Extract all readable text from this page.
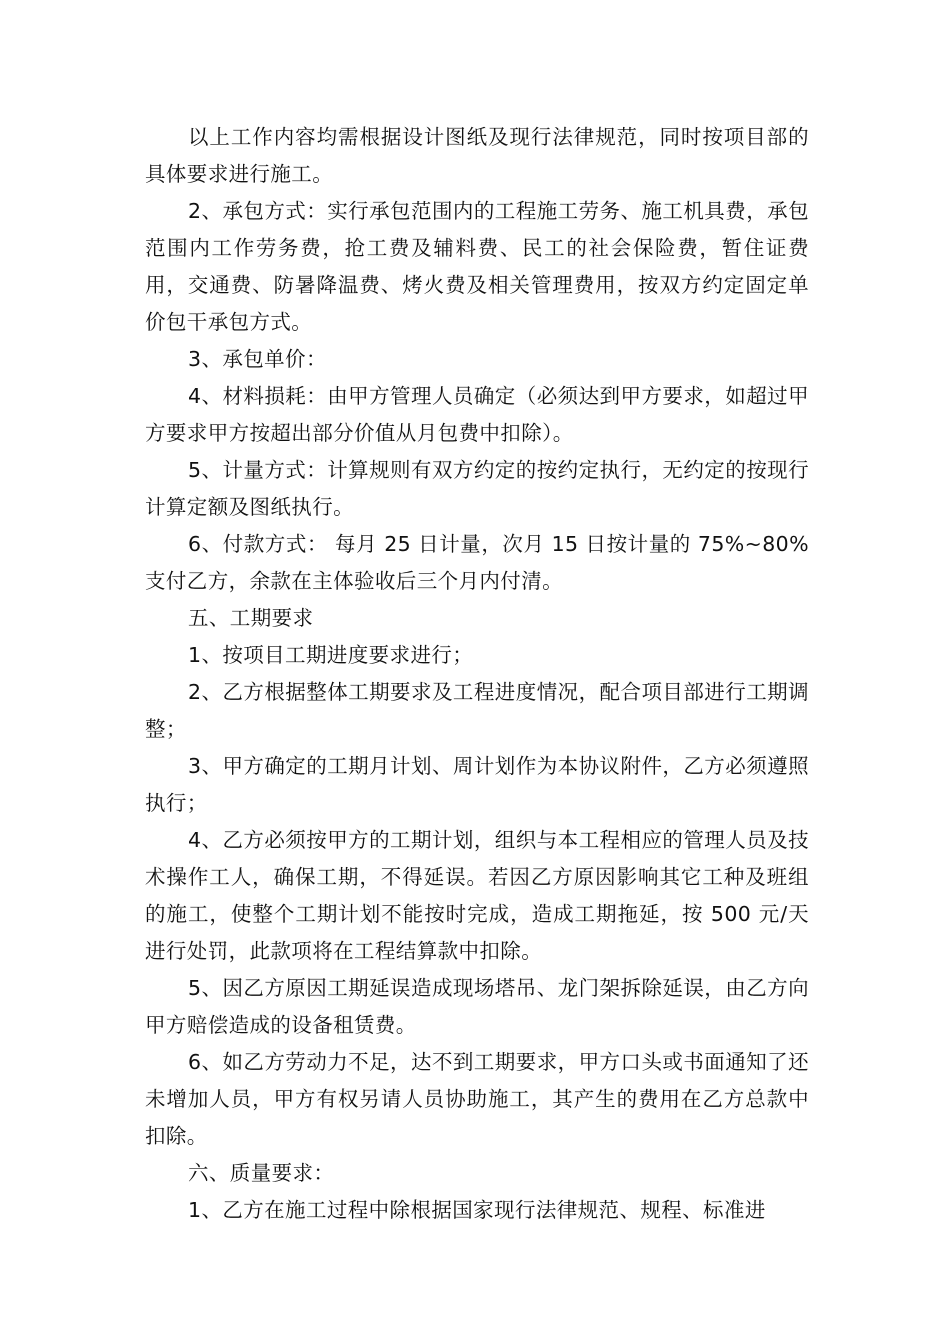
以上工作内容均需根据设计图纸及现行法律规范，同时按项目部的具体要求进行施工。

2、承包方式：实行承包范围内的工程施工劳务、施工机具费，承包范围内工作劳务费，抢工费及辅料费、民工的社会保险费，暂住证费用，交通费、防暑降温费、烤火费及相关管理费用，按双方约定固定单价包干承包方式。

3、承包单价：

4、材料损耗：由甲方管理人员确定（必须达到甲方要求，如超过甲方要求甲方按超出部分价值从月包费中扣除）。

5、计量方式：计算规则有双方约定的按约定执行，无约定的按现行计算定额及图纸执行。

6、付款方式： 每月 25 日计量，次月 15 日按计量的 75%~80%支付乙方，余款在主体验收后三个月内付清。

五、工期要求

1、按项目工期进度要求进行；

2、乙方根据整体工期要求及工程进度情况，配合项目部进行工期调整；

3、甲方确定的工期月计划、周计划作为本协议附件，乙方必须遵照执行；

4、乙方必须按甲方的工期计划，组织与本工程相应的管理人员及技术操作工人，确保工期，不得延误。若因乙方原因影响其它工种及班组的施工，使整个工期计划不能按时完成，造成工期拖延，按 500 元/天进行处罚，此款项将在工程结算款中扣除。

5、因乙方原因工期延误造成现场塔吊、龙门架拆除延误，由乙方向甲方赔偿造成的设备租赁费。

6、如乙方劳动力不足，达不到工期要求，甲方口头或书面通知了还未增加人员，甲方有权另请人员协助施工，其产生的费用在乙方总款中扣除。

六、质量要求：

1、乙方在施工过程中除根据国家现行法律规范、规程、标准进
